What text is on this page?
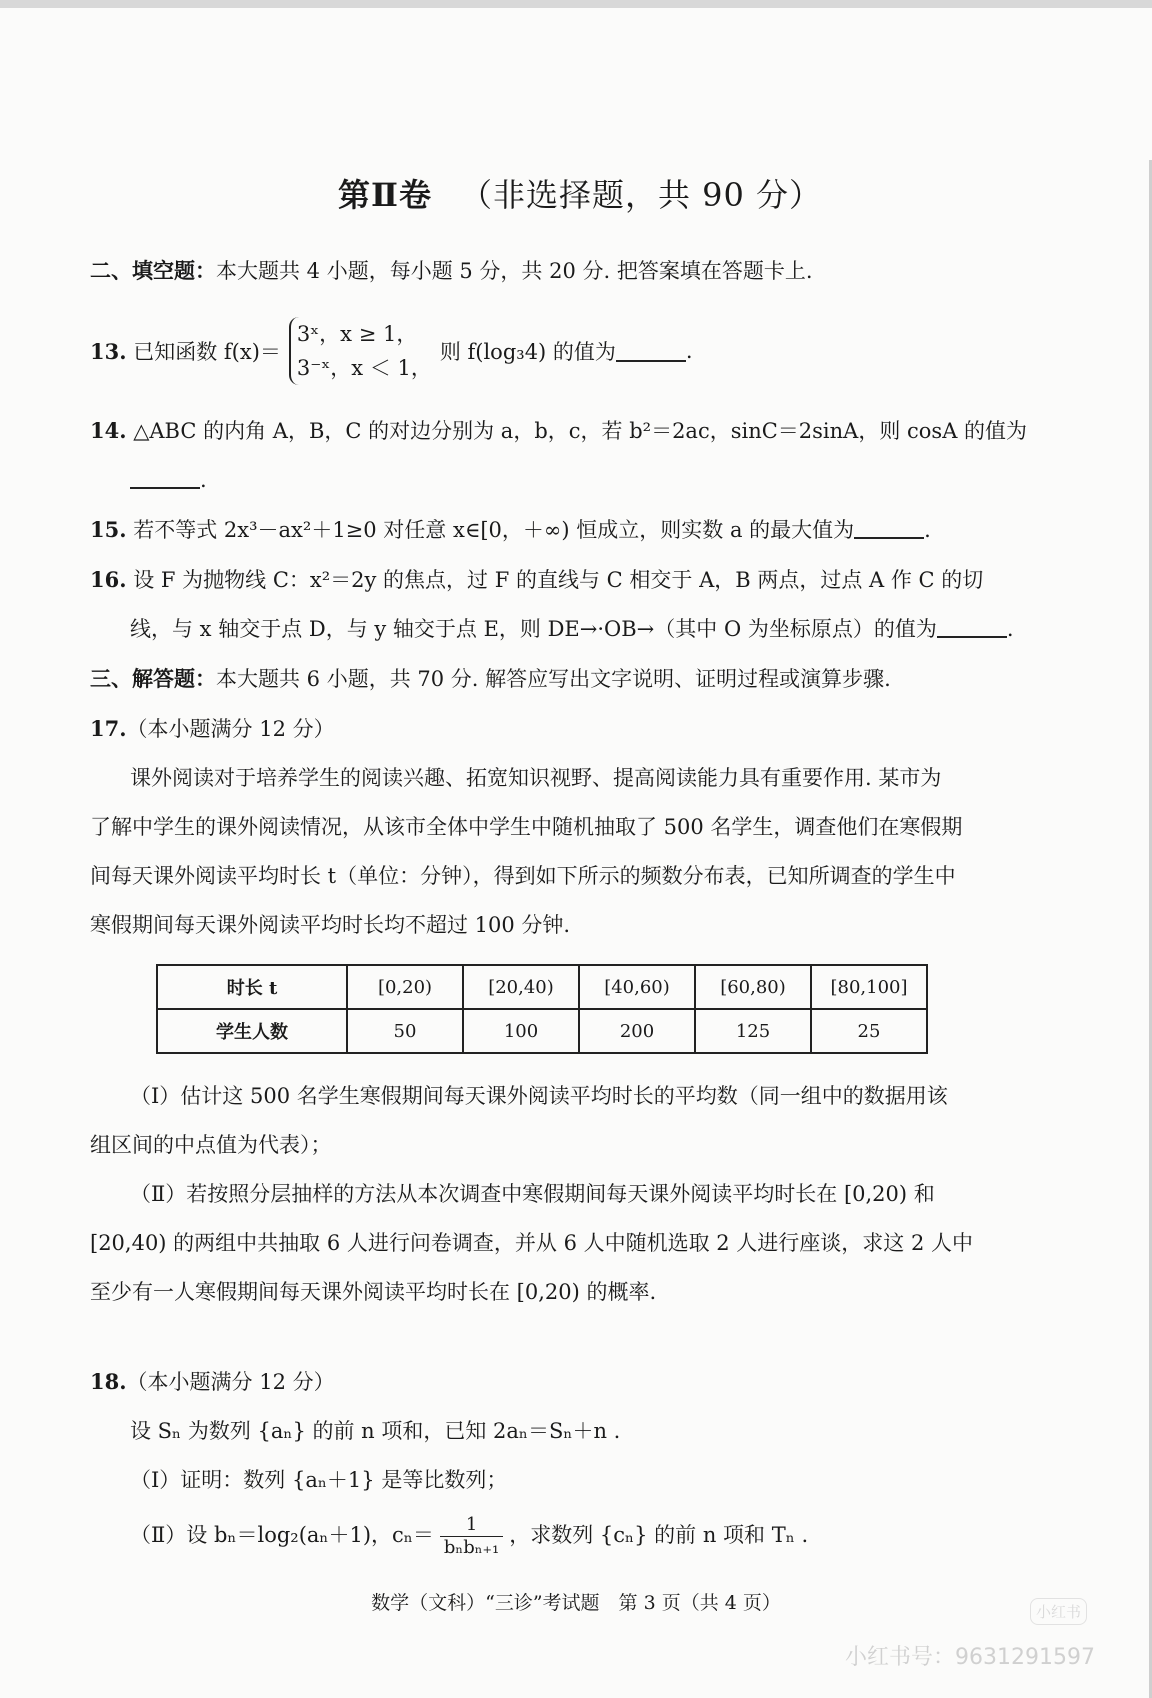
第Ⅱ卷 （非选择题，共 90 分）
二、填空题：本大题共 4 小题，每小题 5 分，共 20 分. 把答案填在答题卡上.
13.
已知函数 f(x)＝
3ˣ，x ≥ 1，
3⁻ˣ，x ＜ 1，
则 f(log₃4) 的值为	.
14. △ABC 的内角 A，B，C 的对边分别为 a，b，c，若 b²＝2ac，sinC＝2sinA，则 cosA 的值为
.
15. 若不等式 2x³－ax²＋1≥0 对任意 x∈[0，＋∞) 恒成立，则实数 a 的最大值为	.
16. 设 F 为抛物线 C：x²＝2y 的焦点，过 F 的直线与 C 相交于 A，B 两点，过点 A 作 C 的切
线，与 x 轴交于点 D，与 y 轴交于点 E，则 DE→·OB→（其中 O 为坐标原点）的值为	.
三、解答题：本大题共 6 小题，共 70 分. 解答应写出文字说明、证明过程或演算步骤.
17.（本小题满分 12 分）
课外阅读对于培养学生的阅读兴趣、拓宽知识视野、提高阅读能力具有重要作用. 某市为
了解中学生的课外阅读情况，从该市全体中学生中随机抽取了 500 名学生，调查他们在寒假期
间每天课外阅读平均时长 t（单位：分钟），得到如下所示的频数分布表，已知所调查的学生中
寒假期间每天课外阅读平均时长均不超过 100 分钟.
时长 t	[0,20)	[20,40)	[40,60)	[60,80)	[80,100]
学生人数	50	100	200	125	25
（Ⅰ）估计这 500 名学生寒假期间每天课外阅读平均时长的平均数（同一组中的数据用该
组区间的中点值为代表）；
（Ⅱ）若按照分层抽样的方法从本次调查中寒假期间每天课外阅读平均时长在 [0,20) 和
[20,40) 的两组中共抽取 6 人进行问卷调查，并从 6 人中随机选取 2 人进行座谈，求这 2 人中
至少有一人寒假期间每天课外阅读平均时长在 [0,20) 的概率.
18.（本小题满分 12 分）
设 Sₙ 为数列 {aₙ} 的前 n 项和，已知 2aₙ＝Sₙ＋n .
（Ⅰ）证明：数列 {aₙ＋1} 是等比数列；
（Ⅱ）设 bₙ＝log₂(aₙ＋1)，$c_n= \frac{1}{\text{bₙbₙ₊₁}}$ ，求数列 {cₙ} 的前 n 项和 Tₙ .
数学（文科）“三诊”考试题　第 3 页（共 4 页）	小红书
小红书号：9631291597
